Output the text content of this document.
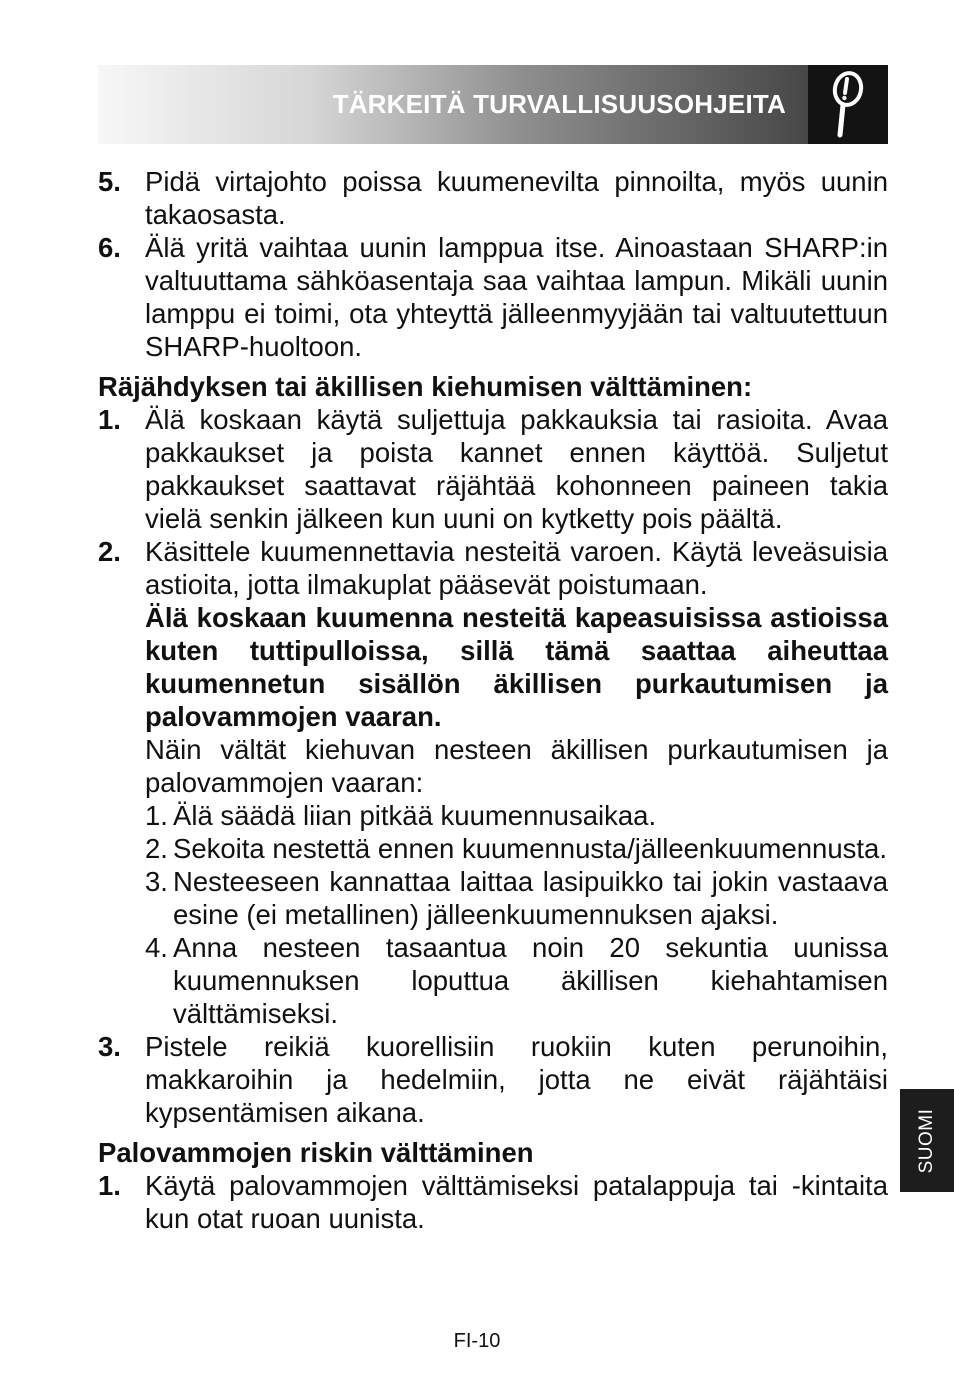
TÄRKEITÄ TURVALLISUUSOHJEITA
5. Pidä virtajohto poissa kuumenevilta pinnoilta, myös uunin takaosasta.
6. Älä yritä vaihtaa uunin lamppua itse. Ainoastaan SHARP:in valtuuttama sähköasentaja saa vaihtaa lampun. Mikäli uunin lamppu ei toimi, ota yhteyttä jälleenmyyjään tai valtuutettuun SHARP-huoltoon.
Räjähdyksen tai äkillisen kiehumisen välttäminen:
1. Älä koskaan käytä suljettuja pakkauksia tai rasioita. Avaa pakkaukset ja poista kannet ennen käyttöä. Suljetut pakkaukset saattavat räjähtää kohonneen paineen takia vielä senkin jälkeen kun uuni on kytketty pois päältä.
2. Käsittele kuumennettavia nesteitä varoen. Käytä leveäsuisia astioita, jotta ilmakuplat pääsevät poistumaan.
Älä koskaan kuumenna nesteitä kapeasuisissa astioissa kuten tuttipulloissa, sillä tämä saattaa aiheuttaa kuumennetun sisällön äkillisen purkautumisen ja palovammojen vaaran.
Näin vältät kiehuvan nesteen äkillisen purkautumisen ja palovammojen vaaran:
1. Älä säädä liian pitkää kuumennusaikaa.
2. Sekoita nestettä ennen kuumennusta/jälleenkuumennusta.
3. Nesteeseen kannattaa laittaa lasipuikko tai jokin vastaava esine (ei metallinen) jälleenkuumennuksen ajaksi.
4. Anna nesteen tasaantua noin 20 sekuntia uunissa kuumennuksen loputtua äkillisen kiehahtamisen välttämiseksi.
3. Pistele reikiä kuorellisiin ruokiin kuten perunoihin, makkaroihin ja hedelmiin, jotta ne eivät räjähtäisi kypsentämisen aikana.
Palovammojen riskin välttäminen
1. Käytä palovammojen välttämiseksi patalappuja tai -kintaita kun otat ruoan uunista.
SUOMI
FI-10
